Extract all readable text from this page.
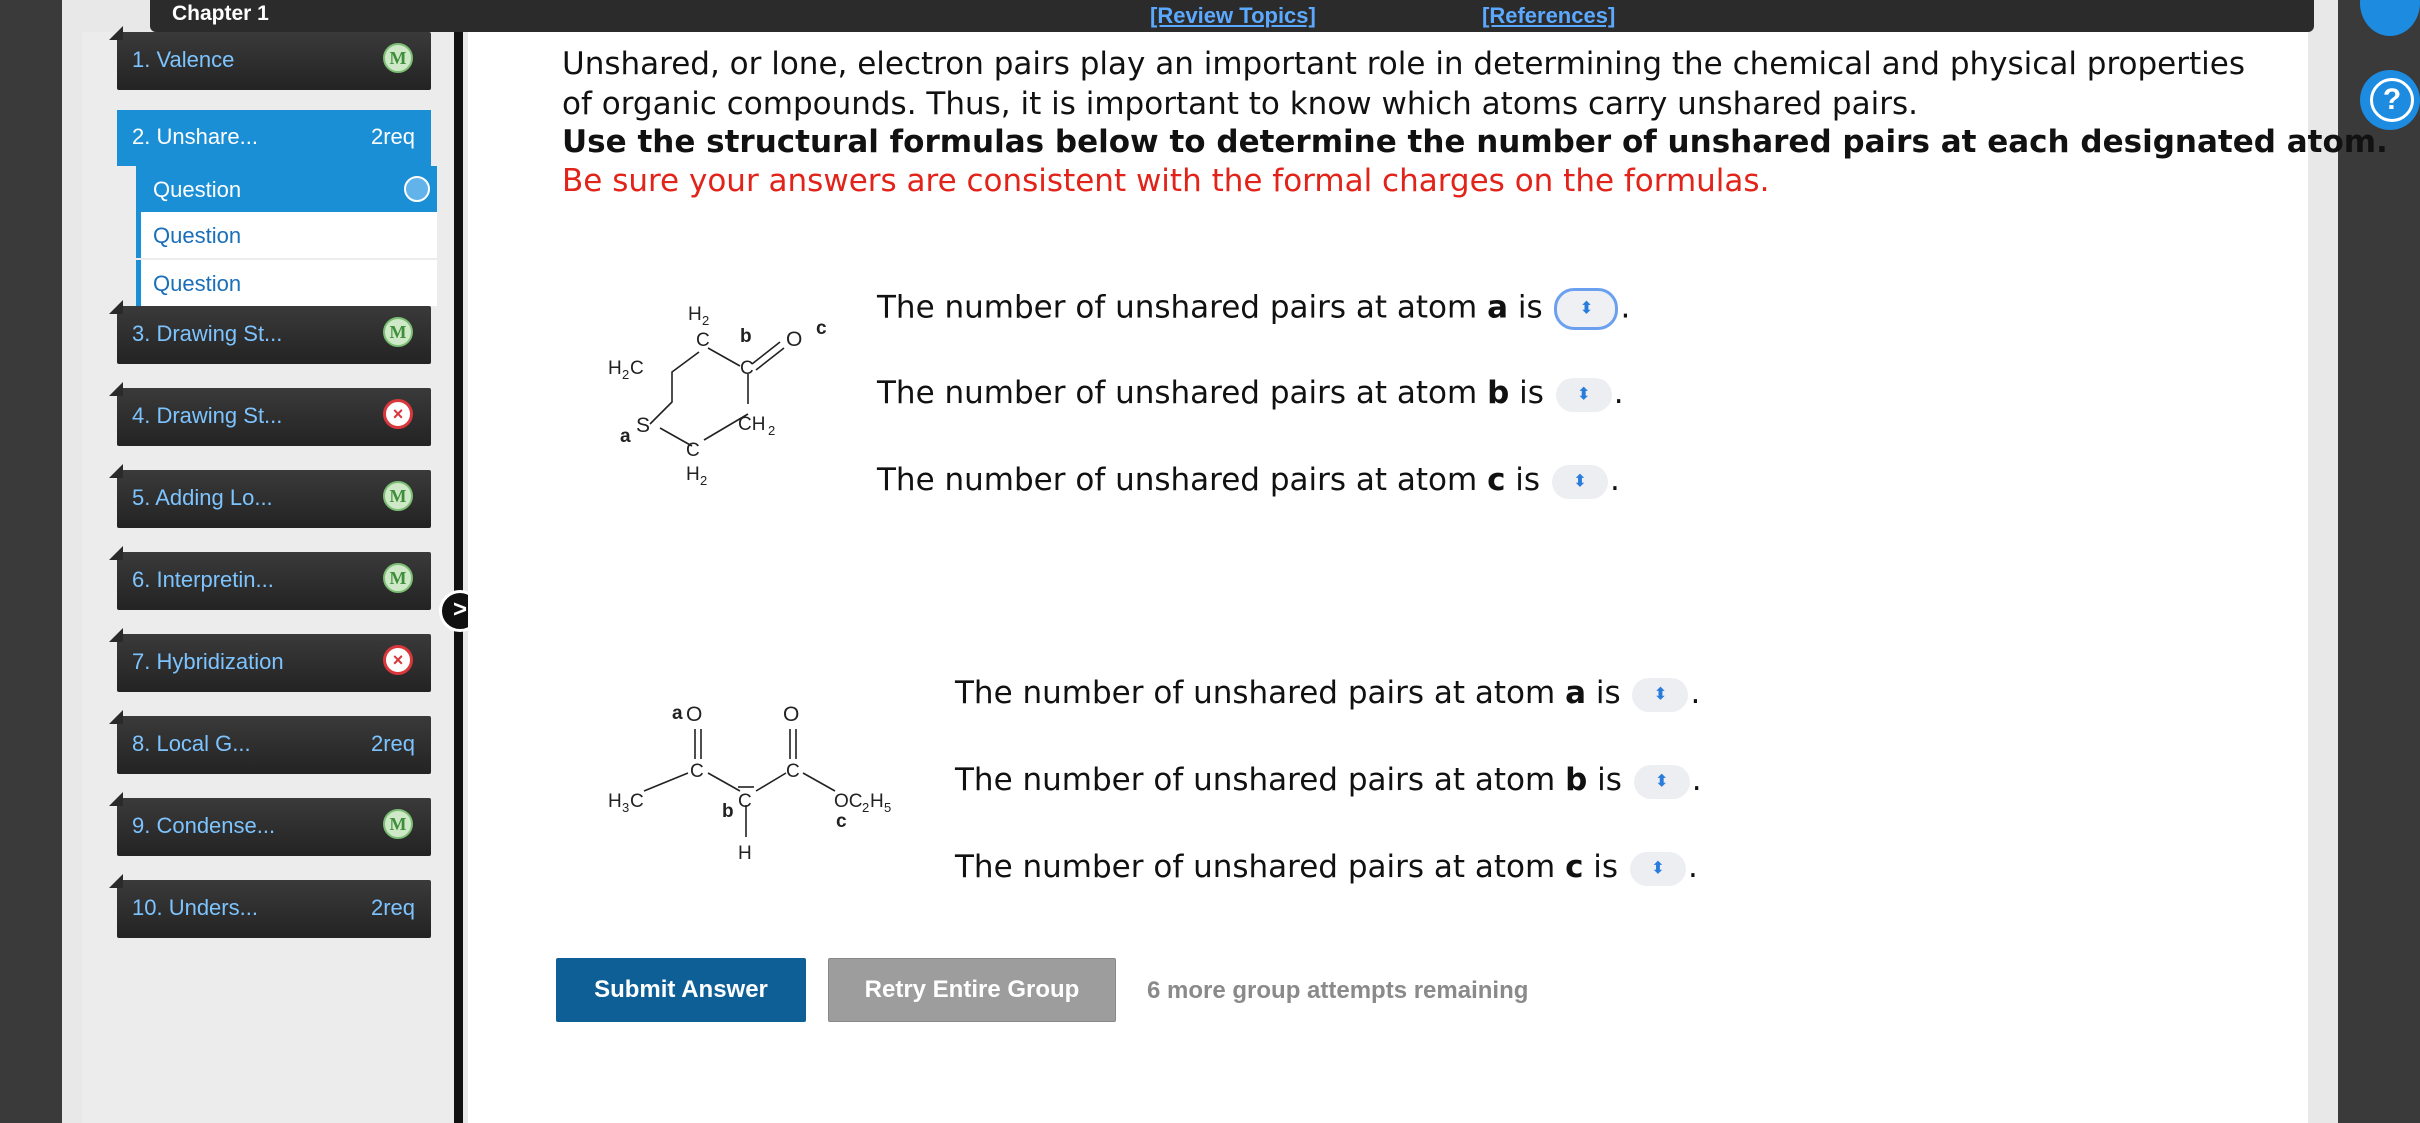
Chapter 1	[Review Topics]	[References]
1. Valence	M
2. Unshare...	2req
Question
Question
Question
3. Drawing St...	M
4. Drawing St...	×
5. Adding Lo...	M
6. Interpretin...	M
7. Hybridization	×
8. Local G...	2req
9. Condense...	M
10. Unders...	2req
>
Unshared, or lone, electron pairs play an important role in determining the chemical and physical properties of organic compounds. Thus, it is important to know which atoms carry unshared pairs.
Use the structural formulas below to determine the number of unshared pairs at each designated atom.
Be sure your answers are consistent with the formal charges on the formulas.
H 2
C b O c
H 2 C	C
a S	CH 2
C
H 2
The number of unshared pairs at atom a is ⬍ .
The number of unshared pairs at atom b is ⬍ .
The number of unshared pairs at atom c is ⬍ .
a O	O
C	C
H 3 C	b C
H
OC 2 H 5
c
The number of unshared pairs at atom a is ⬍ .
The number of unshared pairs at atom b is ⬍ .
The number of unshared pairs at atom c is ⬍ .
Submit Answer	Retry Entire Group	6 more group attempts remaining
?
